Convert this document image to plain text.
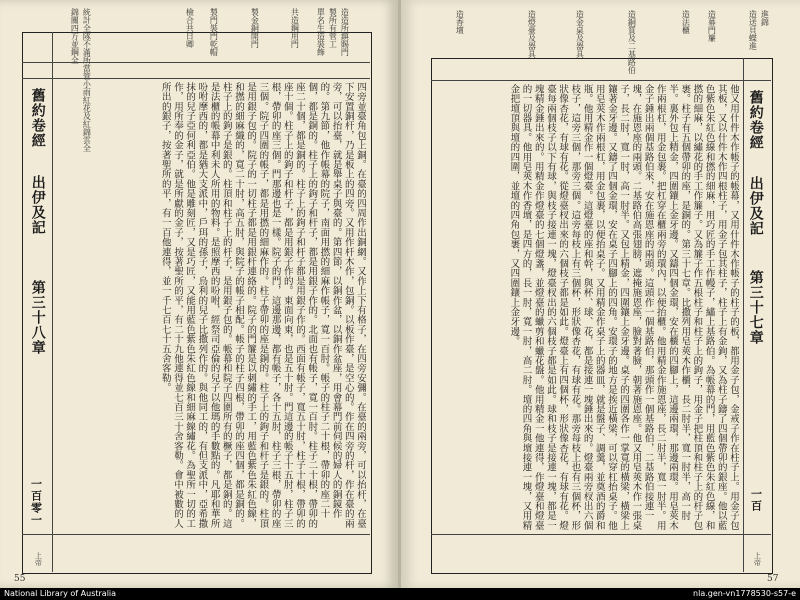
統計全隊不滿所當管小雨紅花及紅錦雲全
錦關四方並鋼全	檢合共日卿 製門裝門乾帽	製金銅開門	共造鋼用門 單名生造裝飾 製所有管工 造造所鎮賜門
舊約卷經
出伊及記
第三十八章
一百零一
上帝

四旁並臺角包上銅。在臺的四周作出銅網。又作上下有格子，在四旁安彌。在臺的兩旁，可以抬杆，在臺下安置銅杆，乃是板上的四旁。又用作杆木作，包銅。以板作臺，是空心的。作在四旁的杆，作在臺的兩旁，可以抬臺，就是舉桌子與臺的。第四節，以銅作盆，以銅作盆座，用會幕門前伺候的婦人的銅鏡作的。第九節，他作帳幕的院子，南面用撚的細麻作帳子，寬一百肘。帳子的柱子二十根，帶卯的座二十個，都是銅的。柱子上的鉤子和杆子，都是用銀子作的。北面也有帳子，寬一百肘。柱子二十根，帶卯的座二十個，都是銅的。柱子上的鉤子和杆子都是用銀子作的。西面有帳子，寬五十肘，柱子十根，帶卯的座十個。柱子上的鉤子和杆子，都是用銀子作的。東面向東，也是五十肘。門這邊的帳子十五肘，柱子三根，帶卯的座三個。門那邊也是一樣。院子的門，這邊那邊，都有帳子，各十五肘，柱子三根，帶卯的座三個。院子四圍的帳子，都是用撚的細麻作的。柱子帶卯的座是銅的。柱子上的鉤子和杆子是銀的。柱頂是用銀子包的。院子的一切柱子都是用銀杆連絡的。院子的門簾是以刺繡的手工，用藍色紫色朱紅色線，和撚的細麻織的，寬二十肘，高五肘，與院子的帳子相配。帳子的柱子四根，帶卯的座四個，都是銅的。柱子上的鉤子是銀的。柱頂和柱子上的杆子，是用銀子包的。帳幕和院子四圍所有的橛子，都是銅的。這是法櫃的帳幕中利未人所用的物料。是照摩西的吩咐，經祭司亞倫的兒子以他瑪的手數點的。凡耶和華所吩咐摩西的，都是猶大支派中，戶珥的孫子，烏利的兒子比撒列作的。與他同工的，有但支派中，亞希撒抹的兒子亞何利亞伯。他是雕刻匠，又是巧匠，又能用藍色紫色朱紅色線和細麻線繡花。為聖所一切的工作，用所奉的金子，就是所獻的金子，按著聖所的平，有二十九他連得並七百三十舍客勒。會中被數的人所出的銀子，按著聖所的平，有一百他連得，並一千七百七十五舍客勒。

55
進錦
造送貝蝶進
造幕門簾
造法櫃
造銅質及二基路伯
造金桌及器具
造燈臺及器具
造香壇
舊約卷經
出伊及記
第三十七章
一百
上帝

他又用什件木作帳子的帳幕，又用什件木作帳子的柱子的板，都用金子包，金戒子作在柱子上。用金子包其板，又以什件木作四根柱子，用金子包其柱子，柱子上有金鉤，又為柱子鑄了四個帶卯的銀座。他以藍色紫色朱紅色線和撚的細麻，用巧匠的手工作幔子，繡上基路伯。為帳幕的門，用藍色紫色朱紅色線，和撚的細麻，以繡花的手工作簾子。又為簾子作五根柱子和柱子上的鉤子，用金子把柱頂和柱子上的杆子包裹。柱子有五個帶卯的座，是銅的。第三十七章。比撒列用皂莢木作櫃，長二肘半，寬一肘半，高一肘半。裏外包上精金，四圍鑲上金牙邊。又鑄四個金環，安在櫃的四腳上，這邊兩環，那邊兩環。用皂莢木作兩根杠，用金包裹。把杠穿在櫃兩旁的環內，以便抬櫃。他用精金作施恩座，長二肘半，寬一肘半。用金子錘出兩個基路伯來，安在施恩座的兩頭。這頭作一個基路伯，那頭作一個基路伯，二基路伯接連一塊，在施恩座的兩頭。二基路伯高張翅膀，遮掩施恩座，臉對著臉，朝著施恩座。他又用皂莢木作一張桌子，長二肘，寬一肘，高一肘半。又包上精金，四圍鑲上金牙邊。桌子的四圍各作一掌寬的橫梁，橫梁上鑲著金牙邊。又鑄了四個金環，安在桌子四腳上的四角。安環子的地方是挨近橫梁，可以穿杠抬桌子。他用皂莢木作兩根杠，用金包裹，以便抬桌子。又用精金作桌子上的器皿，就是盤子、調羹，並奠酒的爵和瓶。他用精金作一個燈臺。這燈臺的座和幹，與杯、球、花，都是接連一塊錘出來的。燈臺兩旁杈出六個枝子，這旁三個，那旁三個。這旁每枝上有三個杯，形狀像杏花，有球有花。那旁每枝上也有三個杯，形狀像杏花，有球有花。從燈臺杈出來的六個枝子都是如此。燈臺上有四個杯，形狀像杏花，有球有花。燈臺每兩個枝子以下有球，與枝子接連一塊，燈臺杈出的六個枝子都是如此。球和枝子是接連一塊，都是一塊精金錘出來的。用精金作燈臺的七個燈盞，並燈臺的蠟剪和蠟花盤。他用精金一他連得，作燈臺和燈臺的一切器具。他用皂莢木作香壇，是四方的，長一肘，寬一肘，高二肘。壇的四角與壇接連一塊，又用精金把壇頂與壇的四圍，並壇的四角包裹，又四圍鑲上金牙邊。

57
National Library of Australia	nla.gen-vn1778530-s57-e
